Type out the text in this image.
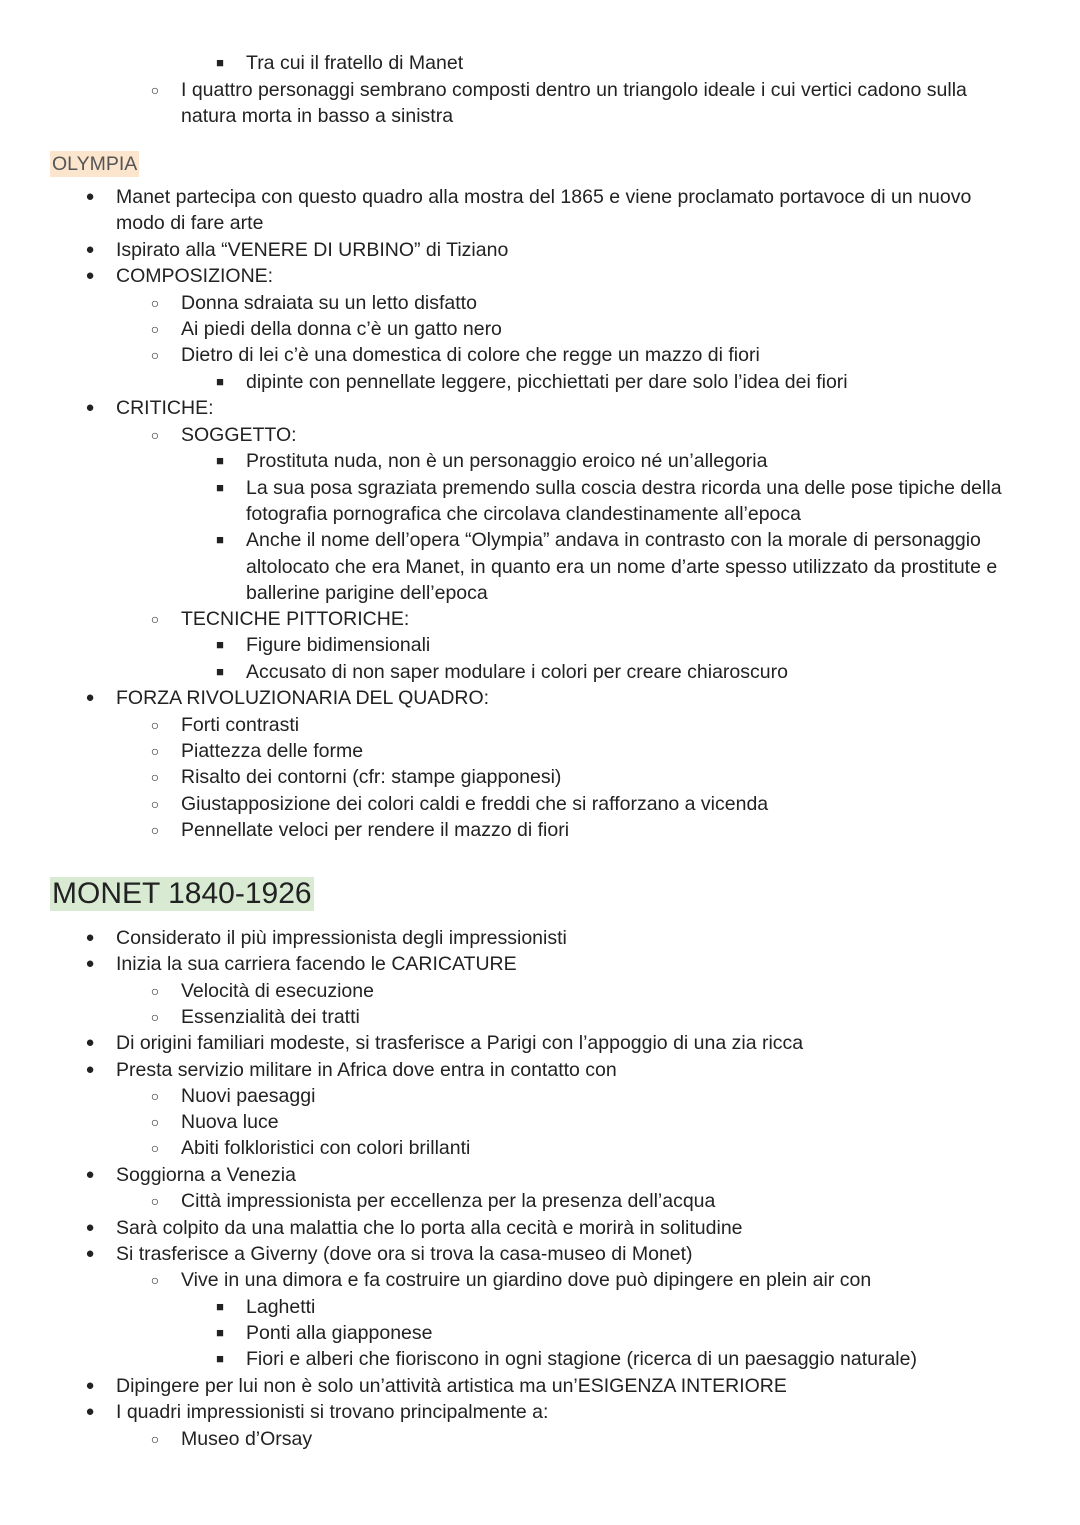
OLYMPIA
MONET 1840-1926
■	Tra cui il fratello di Manet
○ I quattro personaggi sembrano composti dentro un triangolo ideale i cui vertici cadono sulla
natura morta in basso a sinistra
● Manet partecipa con questo quadro alla mostra del 1865 e viene proclamato portavoce di un nuovo
modo di fare arte
● Ispirato alla “VENERE DI URBINO” di Tiziano
● COMPOSIZIONE:
○ Donna sdraiata su un letto disfatto
○ Ai piedi della donna c’è un gatto nero
○ Dietro di lei c’è una domestica di colore che regge un mazzo di fiori
■	dipinte con pennellate leggere, picchiettati per dare solo l’idea dei fiori
● CRITICHE:
○ SOGGETTO:
■	Prostituta nuda, non è un personaggio eroico né un’allegoria
■	La sua posa sgraziata premendo sulla coscia destra ricorda una delle pose tipiche della
fotografia pornografica che circolava clandestinamente all’epoca
■	Anche il nome dell’opera “Olympia” andava in contrasto con la morale di personaggio
altolocato che era Manet, in quanto era un nome d’arte spesso utilizzato da prostitute e
ballerine parigine dell’epoca
○ TECNICHE PITTORICHE:
■	Figure bidimensionali
■	Accusato di non saper modulare i colori per creare chiaroscuro
● FORZA RIVOLUZIONARIA DEL QUADRO:
○ Forti contrasti
○ Piattezza delle forme
○ Risalto dei contorni (cfr: stampe giapponesi)
○ Giustapposizione dei colori caldi e freddi che si rafforzano a vicenda
○ Pennellate veloci per rendere il mazzo di fiori
● Considerato il più impressionista degli impressionisti
● Inizia la sua carriera facendo le CARICATURE
○ Velocità di esecuzione
○ Essenzialità dei tratti
● Di origini familiari modeste, si trasferisce a Parigi con l’appoggio di una zia ricca
● Presta servizio militare in Africa dove entra in contatto con
○ Nuovi paesaggi
○ Nuova luce
○ Abiti folkloristici con colori brillanti
● Soggiorna a Venezia
○ Città impressionista per eccellenza per la presenza dell’acqua
● Sarà colpito da una malattia che lo porta alla cecità e morirà in solitudine
● Si trasferisce a Giverny (dove ora si trova la casa-museo di Monet)
○ Vive in una dimora e fa costruire un giardino dove può dipingere en plein air con
■	Laghetti
■	Ponti alla giapponese
■	Fiori e alberi che fioriscono in ogni stagione (ricerca di un paesaggio naturale)
● Dipingere per lui non è solo un’attività artistica ma un’ESIGENZA INTERIORE
● I quadri impressionisti si trovano principalmente a:
○ Museo d’Orsay
